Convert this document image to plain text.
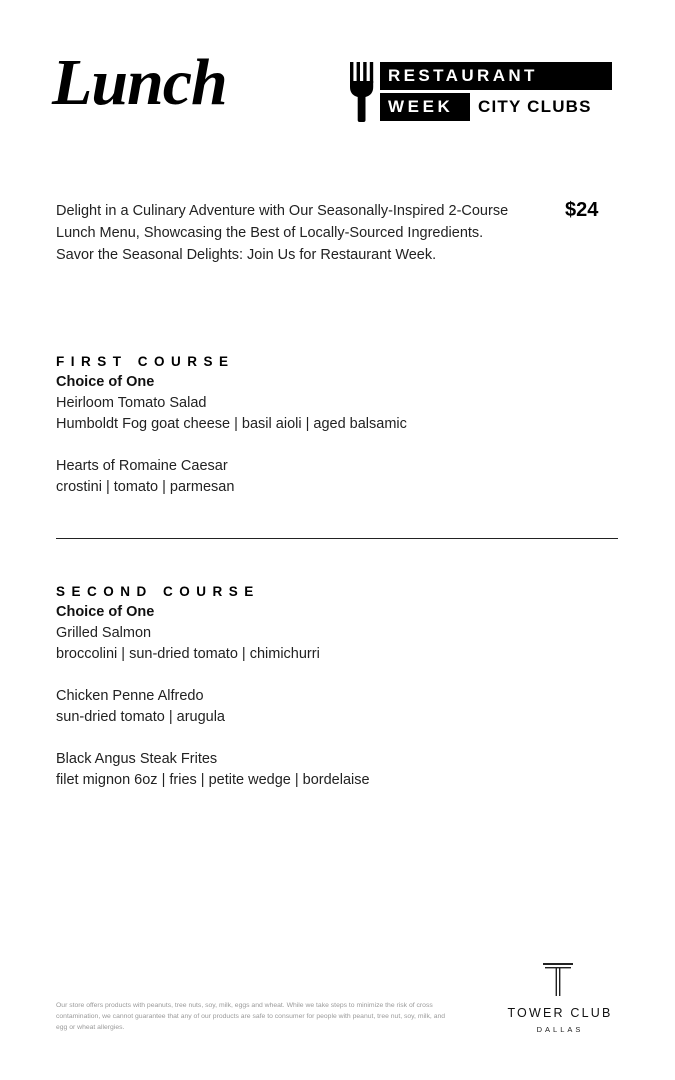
Lunch	RESTAURANT
WEEK	CITY CLUBS
Delight in a Culinary Adventure with Our Seasonally-Inspired 2-Course
Lunch Menu, Showcasing the Best of Locally-Sourced Ingredients.
Savor the Seasonal Delights: Join Us for Restaurant Week.
$24
FIRST COURSE
Choice of One
Heirloom Tomato Salad
Humboldt Fog goat cheese | basil aioli | aged balsamic
Hearts of Romaine Caesar
crostini | tomato | parmesan
SECOND COURSE
Choice of One
Grilled Salmon
broccolini | sun-dried tomato | chimichurri
Chicken Penne Alfredo
sun-dried tomato | arugula
Black Angus Steak Frites
filet mignon 6oz | fries | petite wedge | bordelaise
Our store offers products with peanuts, tree nuts, soy, milk, eggs and wheat. While we take steps to minimize the risk of cross contamination, we cannot guarantee that any of our products are safe to consumer for people with peanut, tree nut, soy, milk, and egg or wheat allergies.
TOWER CLUB
DALLAS
